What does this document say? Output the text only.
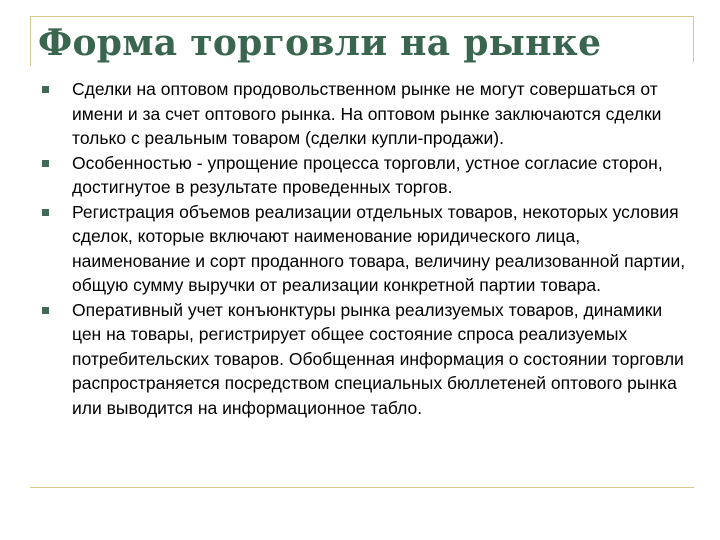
Форма торговли на рынке
Сделки на оптовом продовольственном рынке не могут совершаться от имени и за счет оптового рынка. На оптовом рынке заключаются сделки только с реальным товаром (сделки купли-продажи).
Особенностью - упрощение процесса торговли, устное согласие сторон, достигнутое в результате проведенных торгов.
Регистрация объемов реализации отдельных товаров, некоторых условия сделок, которые включают наименование юридического лица, наименование и сорт проданного товара, величину реализованной партии, общую сумму выручки от реализации конкретной партии товара.
Оперативный учет конъюнктуры рынка реализуемых товаров, динамики цен на товары, регистрирует общее состояние спроса реализуемых потребительских товаров. Обобщенная информация о состоянии торговли распространяется посредством специальных бюллетеней оптового рынка или выводится на информационное табло.
